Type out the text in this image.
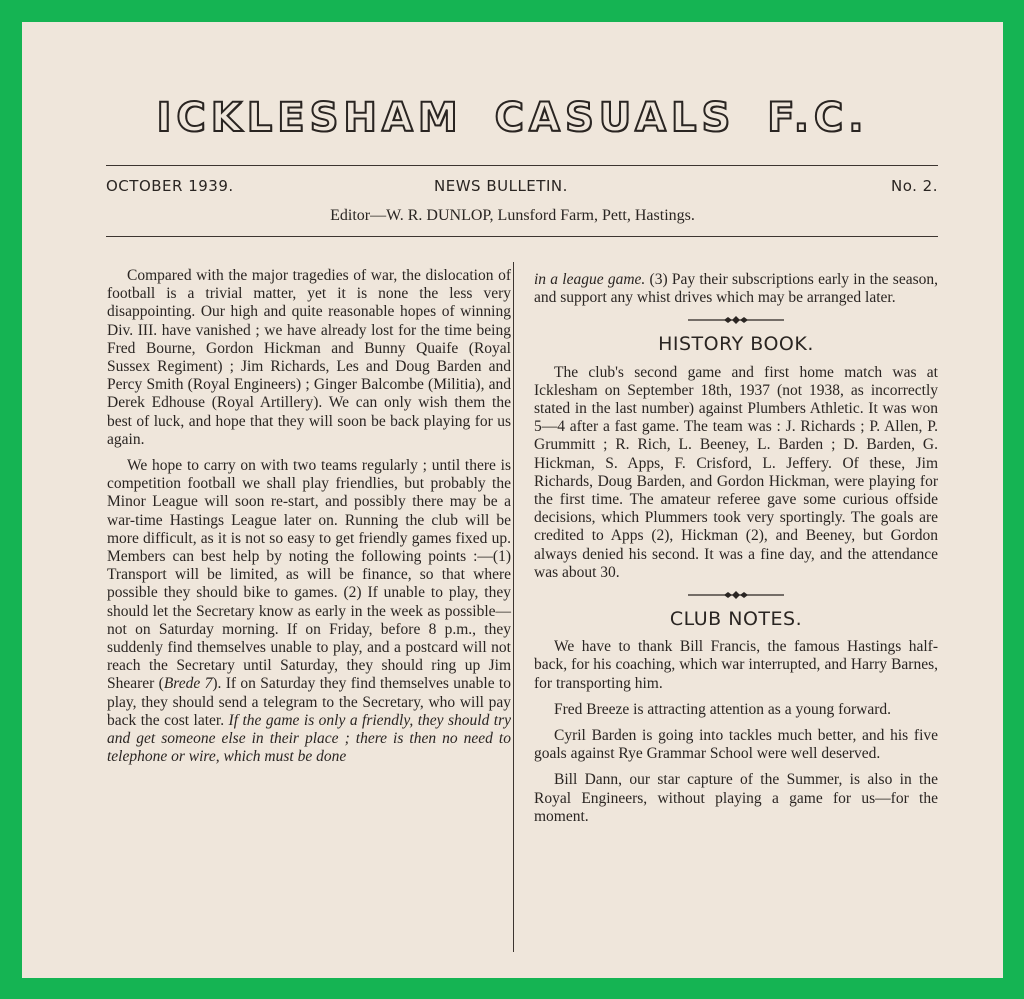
ICKLESHAM CASUALS F.C.
OCTOBER 1939.	NEWS BULLETIN.	No. 2.
Editor—W. R. DUNLOP, Lunsford Farm, Pett, Hastings.

Compared with the major tragedies of war, the dislocation of football is a trivial matter, yet it is none the less very disappointing. Our high and quite reasonable hopes of winning Div. III. have vanished ; we have already lost for the time being Fred Bourne, Gordon Hickman and Bunny Quaife (Royal Sussex Regiment) ; Jim Richards, Les and Doug Barden and Percy Smith (Royal Engineers) ; Ginger Balcombe (Militia), and Derek Edhouse (Royal Artillery). We can only wish them the best of luck, and hope that they will soon be back playing for us again.

We hope to carry on with two teams regularly ; until there is competition football we shall play friendlies, but probably the Minor League will soon re-start, and possibly there may be a war-time Hastings League later on. Running the club will be more difficult, as it is not so easy to get friendly games fixed up. Members can best help by noting the following points :—(1) Transport will be limited, as will be finance, so that where possible they should bike to games. (2) If unable to play, they should let the Secretary know as early in the week as possible—not on Saturday morning. If on Friday, before 8 p.m., they suddenly find themselves unable to play, and a postcard will not reach the Secretary until Saturday, they should ring up Jim Shearer (Brede 7). If on Saturday they find themselves unable to play, they should send a telegram to the Secretary, who will pay back the cost later. If the game is only a friendly, they should try and get someone else in their place ; there is then no need to telephone or wire, which must be done

in a league game. (3) Pay their subscriptions early in the season, and support any whist drives which may be arranged later.

HISTORY BOOK.

The club's second game and first home match was at Icklesham on September 18th, 1937 (not 1938, as incorrectly stated in the last number) against Plumbers Athletic. It was won 5—4 after a fast game. The team was : J. Richards ; P. Allen, P. Grummitt ; R. Rich, L. Beeney, L. Barden ; D. Barden, G. Hickman, S. Apps, F. Crisford, L. Jeffery. Of these, Jim Richards, Doug Barden, and Gordon Hickman, were playing for the first time. The amateur referee gave some curious offside decisions, which Plummers took very sportingly. The goals are credited to Apps (2), Hickman (2), and Beeney, but Gordon always denied his second. It was a fine day, and the attendance was about 30.

CLUB NOTES.

We have to thank Bill Francis, the famous Hastings half-back, for his coaching, which war interrupted, and Harry Barnes, for transporting him.

Fred Breeze is attracting attention as a young forward.

Cyril Barden is going into tackles much better, and his five goals against Rye Grammar School were well deserved.

Bill Dann, our star capture of the Summer, is also in the Royal Engineers, without playing a game for us—for the moment.
